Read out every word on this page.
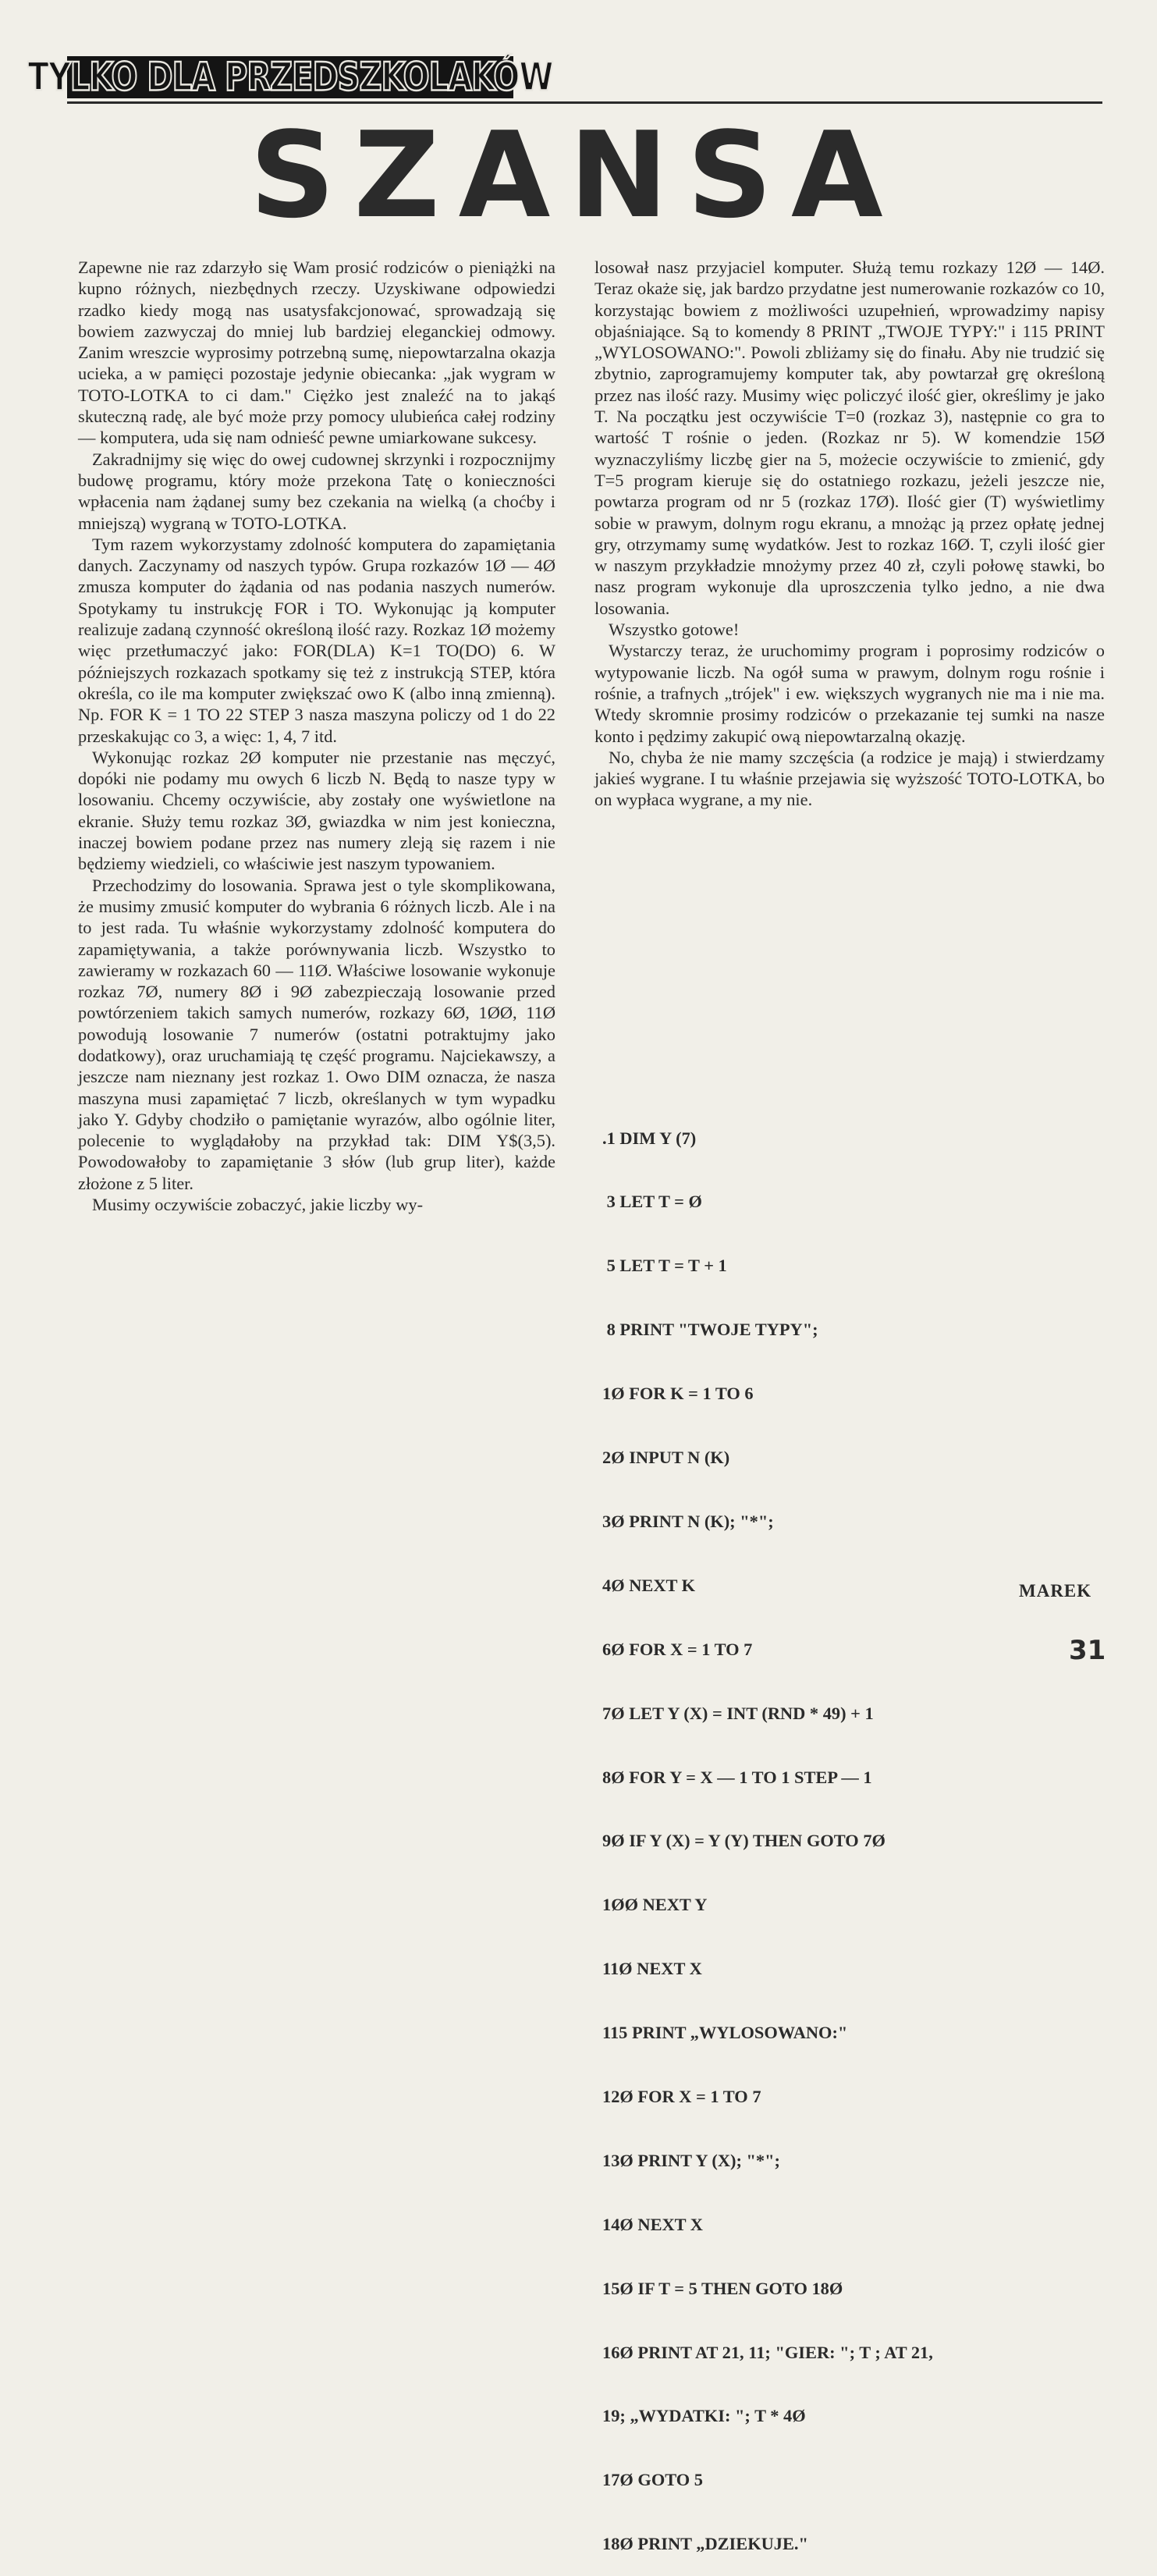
TYLKO DLA PRZEDSZKOLAKÓW
SZANSA

Zapewne nie raz zdarzyło się Wam prosić rodziców o pieniążki na kupno różnych, niezbędnych rzeczy. Uzyskiwane odpowiedzi rzadko kiedy mogą nas usatysfakcjonować, sprowadzają się bowiem zazwyczaj do mniej lub bardziej eleganckiej odmowy. Zanim wreszcie wyprosimy potrzebną sumę, niepowtarzalna okazja ucieka, a w pamięci pozostaje jedynie obiecanka: „jak wygram w TOTO-LOTKA to ci dam." Ciężko jest znaleźć na to jakąś skuteczną radę, ale być może przy pomocy ulubieńca całej rodziny — komputera, uda się nam odnieść pewne umiarkowane sukcesy.

Zakradnijmy się więc do owej cudownej skrzynki i rozpocznijmy budowę programu, który może przekona Tatę o konieczności wpłacenia nam żądanej sumy bez czekania na wielką (a choćby i mniejszą) wygraną w TOTO-LOTKA.

Tym razem wykorzystamy zdolność komputera do zapamiętania danych. Zaczynamy od naszych typów. Grupa rozkazów 1Ø — 4Ø zmusza komputer do żądania od nas podania naszych numerów. Spotykamy tu instrukcję FOR i TO. Wykonując ją komputer realizuje zadaną czynność określoną ilość razy. Rozkaz 1Ø możemy więc przetłumaczyć jako: FOR(DLA) K=1 TO(DO) 6. W późniejszych rozkazach spotkamy się też z instrukcją STEP, która określa, co ile ma komputer zwiększać owo K (albo inną zmienną). Np. FOR K = 1 TO 22 STEP 3 nasza maszyna policzy od 1 do 22 przeskakując co 3, a więc: 1, 4, 7 itd.

Wykonując rozkaz 2Ø komputer nie przestanie nas męczyć, dopóki nie podamy mu owych 6 liczb N. Będą to nasze typy w losowaniu. Chcemy oczywiście, aby zostały one wyświetlone na ekranie. Służy temu rozkaz 3Ø, gwiazdka w nim jest konieczna, inaczej bowiem podane przez nas numery zleją się razem i nie będziemy wiedzieli, co właściwie jest naszym typowaniem.

Przechodzimy do losowania. Sprawa jest o tyle skomplikowana, że musimy zmusić komputer do wybrania 6 różnych liczb. Ale i na to jest rada. Tu właśnie wykorzystamy zdolność komputera do zapamiętywania, a także porównywania liczb. Wszystko to zawieramy w rozkazach 60 — 11Ø. Właściwe losowanie wykonuje rozkaz 7Ø, numery 8Ø i 9Ø zabezpieczają losowanie przed powtórzeniem takich samych numerów, rozkazy 6Ø, 1ØØ, 11Ø powodują losowanie 7 numerów (ostatni potraktujmy jako dodatkowy), oraz uruchamiają tę część programu. Najciekawszy, a jeszcze nam nieznany jest rozkaz 1. Owo DIM oznacza, że nasza maszyna musi zapamiętać 7 liczb, określanych w tym wypadku jako Y. Gdyby chodziło o pamiętanie wyrazów, albo ogólnie liter, polecenie to wyglądałoby na przykład tak: DIM Y$(3,5). Powodowałoby to zapamiętanie 3 słów (lub grup liter), każde złożone z 5 liter.

Musimy oczywiście zobaczyć, jakie liczby wy-

losował nasz przyjaciel komputer. Służą temu rozkazy 12Ø — 14Ø. Teraz okaże się, jak bardzo przydatne jest numerowanie rozkazów co 10, korzystając bowiem z możliwości uzupełnień, wprowadzimy napisy objaśniające. Są to komendy 8 PRINT „TWOJE TYPY:" i 115 PRINT „WYLOSOWANO:". Powoli zbliżamy się do finału. Aby nie trudzić się zbytnio, zaprogramujemy komputer tak, aby powtarzał grę określoną przez nas ilość razy. Musimy więc policzyć ilość gier, określimy je jako T. Na początku jest oczywiście T=0 (rozkaz 3), następnie co gra to wartość T rośnie o jeden. (Rozkaz nr 5). W komendzie 15Ø wyznaczyliśmy liczbę gier na 5, możecie oczywiście to zmienić, gdy T=5 program kieruje się do ostatniego rozkazu, jeżeli jeszcze nie, powtarza program od nr 5 (rozkaz 17Ø). Ilość gier (T) wyświetlimy sobie w prawym, dolnym rogu ekranu, a mnożąc ją przez opłatę jednej gry, otrzymamy sumę wydatków. Jest to rozkaz 16Ø. T, czyli ilość gier w naszym przykładzie mnożymy przez 40 zł, czyli połowę stawki, bo nasz program wykonuje dla uproszczenia tylko jedno, a nie dwa losowania.

Wszystko gotowe!

Wystarczy teraz, że uruchomimy program i poprosimy rodziców o wytypowanie liczb. Na ogół suma w prawym, dolnym rogu rośnie i rośnie, a trafnych „trójek" i ew. większych wygranych nie ma i nie ma. Wtedy skromnie prosimy rodziców o przekazanie tej sumki na nasze konto i pędzimy zakupić ową niepowtarzalną okazję.

No, chyba że nie mamy szczęścia (a rodzice je mają) i stwierdzamy jakieś wygrane. I tu właśnie przejawia się wyższość TOTO-LOTKA, bo on wypłaca wygrane, a my nie.

.1 DIM Y (7)

3 LET T = Ø

5 LET T = T + 1

8 PRINT "TWOJE TYPY";

1Ø FOR K = 1 TO 6

2Ø INPUT N (K)

3Ø PRINT N (K); "*";

4Ø NEXT K

6Ø FOR X = 1 TO 7

7Ø LET Y (X) = INT (RND * 49) + 1

8Ø FOR Y = X — 1 TO 1 STEP — 1

9Ø IF Y (X) = Y (Y) THEN GOTO 7Ø

1ØØ NEXT Y

11Ø NEXT X

115 PRINT „WYLOSOWANO:"

12Ø FOR X = 1 TO 7

13Ø PRINT Y (X); "*";

14Ø NEXT X

15Ø IF T = 5 THEN GOTO 18Ø

16Ø PRINT AT 21, 11; "GIER: "; T ; AT 21,

19; „WYDATKI: "; T * 4Ø

17Ø GOTO 5

18Ø PRINT „DZIEKUJE."

MAREK
31
